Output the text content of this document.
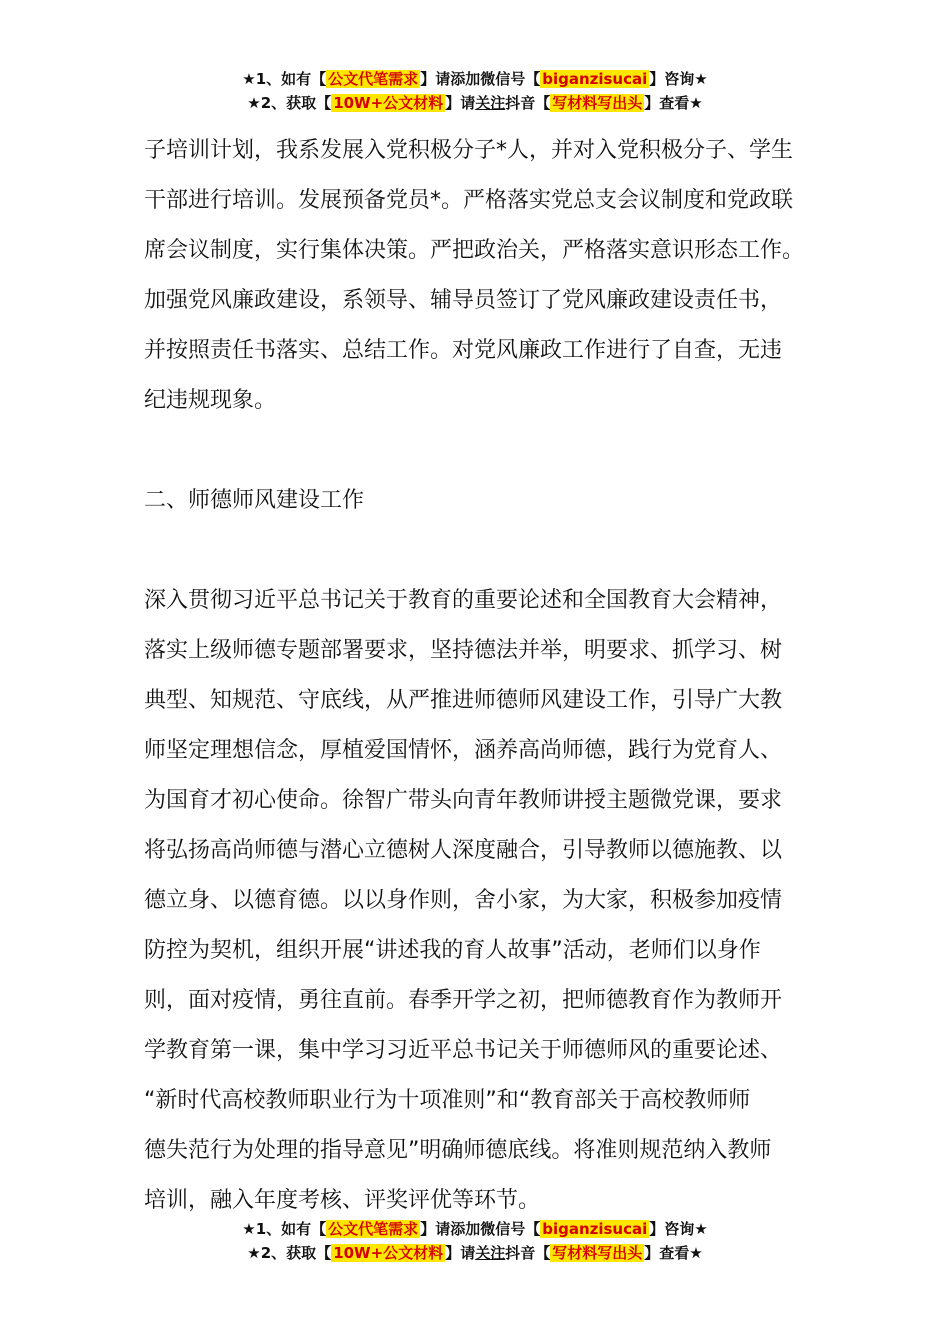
★1、如有【 公文代笔需求 】请添加微信号【 biganzisucai 】咨询★
★2、获取【 10W+公文材料 】请关注抖音【 写材料写出头 】查看★
子培训计划，我系发展入党积极分子*人，并对入党积极分子、学生
干部进行培训。发展预备党员*。严格落实党总支会议制度和党政联
席会议制度，实行集体决策。严把政治关，严格落实意识形态工作。
加强党风廉政建设，系领导、辅导员签订了党风廉政建设责任书，
并按照责任书落实、总结工作。对党风廉政工作进行了自查，无违
纪违规现象。
二、师德师风建设工作
深入贯彻习近平总书记关于教育的重要论述和全国教育大会精神，
落实上级师德专题部署要求，坚持德法并举，明要求、抓学习、树
典型、知规范、守底线，从严推进师德师风建设工作，引导广大教
师坚定理想信念，厚植爱国情怀，涵养高尚师德，践行为党育人、
为国育才初心使命。徐智广带头向青年教师讲授主题微党课，要求
将弘扬高尚师德与潜心立德树人深度融合，引导教师以德施教、以
德立身、以德育德。以以身作则，舍小家，为大家，积极参加疫情
防控为契机，组织开展“讲述我的育人故事”活动，老师们以身作
则，面对疫情，勇往直前。春季开学之初，把师德教育作为教师开
学教育第一课，集中学习习近平总书记关于师德师风的重要论述、
“新时代高校教师职业行为十项准则”和“教育部关于高校教师师
德失范行为处理的指导意见”明确师德底线。将准则规范纳入教师
培训，融入年度考核、评奖评优等环节。
★1、如有【 公文代笔需求 】请添加微信号【 biganzisucai 】咨询★
★2、获取【 10W+公文材料 】请关注抖音【 写材料写出头 】查看★
